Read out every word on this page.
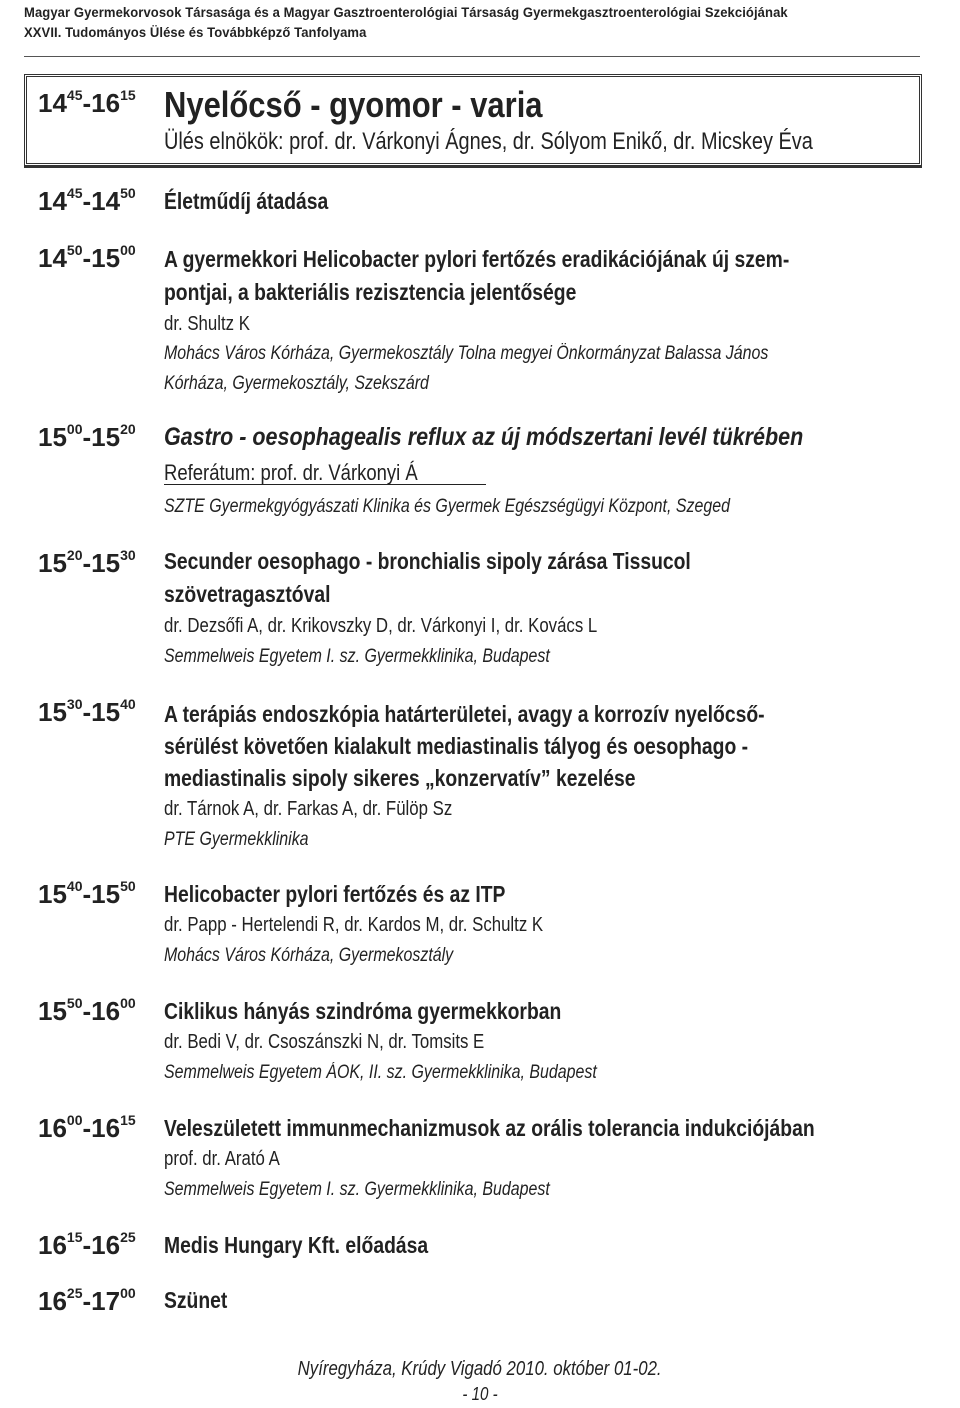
Magyar Gyermekorvosok Társasága és a Magyar Gasztroenterológiai Társaság Gyermekgasztroenterológiai Szekciójának
XXVII. Tudományos Ülése és Továbbképző Tanfolyama
$14^{45}-16^{15}$ Nyelőcső - gyomor - varia
Ülés elnökök: prof. dr. Várkonyi Ágnes, dr. Sólyom Enikő, dr. Micskey Éva
$14^{45}-14^{50}$ Életműdíj átadása
$14^{50}-15^{00}$ A gyermekkori Helicobacter pylori fertőzés eradikációjának új szem-
pontjai, a bakteriális rezisztencia jelentősége
dr. Shultz K
Mohács Város Kórháza, Gyermekosztály Tolna megyei Önkormányzat Balassa János
Kórháza, Gyermekosztály, Szekszárd
$15^{00}-15^{20}$ Gastro - oesophagealis reflux az új módszertani levél tükrében
Referátum: prof. dr. Várkonyi Á
SZTE Gyermekgyógyászati Klinika és Gyermek Egészségügyi Központ, Szeged
$15^{20}-15^{30}$ Secunder oesophago - bronchialis sipoly zárása Tissucol
szövetragasztóval
dr. Dezsőfi A, dr. Krikovszky D, dr. Várkonyi I, dr. Kovács L
Semmelweis Egyetem I. sz. Gyermekklinika, Budapest
$15^{30}-15^{40}$ A terápiás endoszkópia határterületei, avagy a korrozív nyelőcső-
sérülést követően kialakult mediastinalis tályog és oesophago -
mediastinalis sipoly sikeres „konzervatív” kezelése
dr. Tárnok A, dr. Farkas A, dr. Fülöp Sz
PTE Gyermekklinika
$15^{40}-15^{50}$ Helicobacter pylori fertőzés és az ITP
dr. Papp - Hertelendi R, dr. Kardos M, dr. Schultz K
Mohács Város Kórháza, Gyermekosztály
$15^{50}-16^{00}$ Ciklikus hányás szindróma gyermekkorban
dr. Bedi V, dr. Csoszánszki N, dr. Tomsits E
Semmelweis Egyetem ÁOK, II. sz. Gyermekklinika, Budapest
$16^{00}-16^{15}$ Veleszületett immunmechanizmusok az orális tolerancia indukciójában
prof. dr. Arató A
Semmelweis Egyetem I. sz. Gyermekklinika, Budapest
$16^{15}-16^{25}$ Medis Hungary Kft. előadása
$16^{25}-17^{00}$ Szünet
Nyíregyháza, Krúdy Vigadó 2010. október 01-02.
- 10 -
